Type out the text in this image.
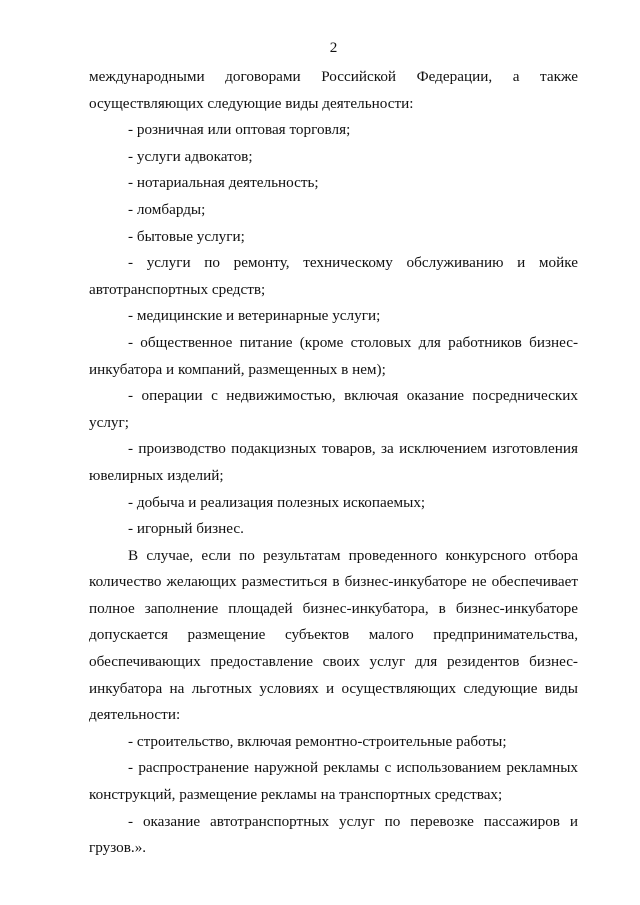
2

международными договорами Российской Федерации, а также осуществляющих следующие виды деятельности:

- розничная или оптовая торговля;

- услуги адвокатов;

- нотариальная деятельность;

- ломбарды;

- бытовые услуги;

- услуги по ремонту, техническому обслуживанию и мойке автотранспортных средств;

- медицинские и ветеринарные услуги;

- общественное питание (кроме столовых для работников бизнес-инкубатора и компаний, размещенных в нем);

- операции с недвижимостью, включая оказание посреднических услуг;

- производство подакцизных товаров, за исключением изготовления ювелирных изделий;

- добыча и реализация полезных ископаемых;

- игорный бизнес.

В случае, если по результатам проведенного конкурсного отбора количество желающих разместиться в бизнес-инкубаторе не обеспечивает полное заполнение площадей бизнес-инкубатора, в бизнес-инкубаторе допускается размещение субъектов малого предпринимательства, обеспечивающих предоставление своих услуг для резидентов бизнес-инкубатора на льготных условиях и осуществляющих следующие виды деятельности:

- строительство, включая ремонтно-строительные работы;

- распространение наружной рекламы с использованием рекламных конструкций, размещение рекламы на транспортных средствах;

- оказание автотранспортных услуг по перевозке пассажиров и грузов.».
